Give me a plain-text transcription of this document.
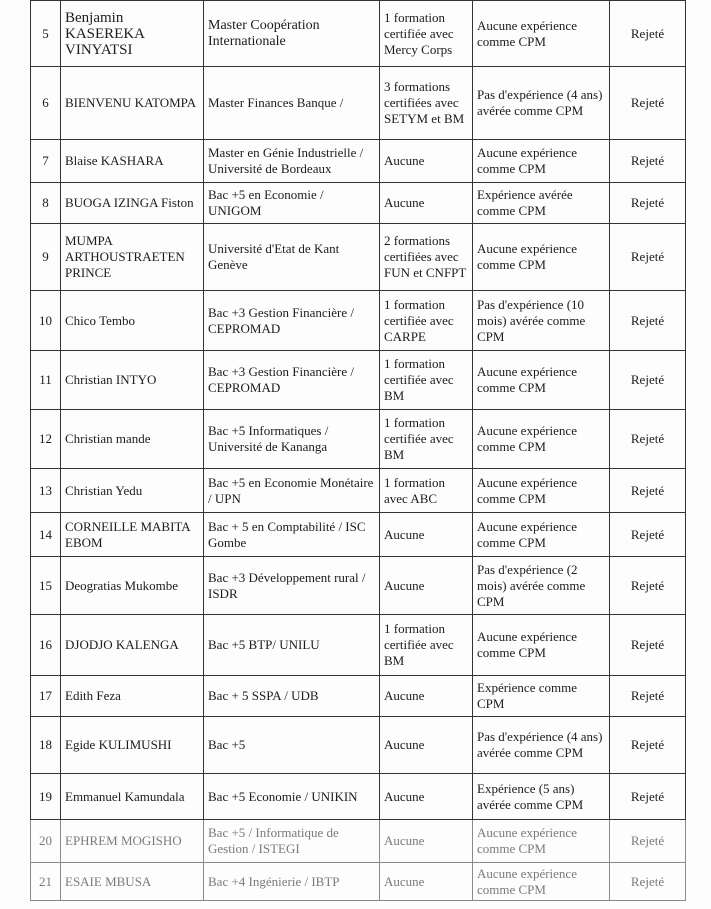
5	Benjamin KASEREKA VINYATSI	Master Coopération Internationale	1 formation certifiée avec Mercy Corps	Aucune expérience comme CPM	Rejeté
6	BIENVENU KATOMPA	Master Finances Banque /	3 formations certifiées avec SETYM et BM	Pas d'expérience (4 ans) avérée comme CPM	Rejeté
7	Blaise KASHARA	Master en Génie Industrielle / Université de Bordeaux	Aucune	Aucune expérience comme CPM	Rejeté
8	BUOGA IZINGA Fiston	Bac +5 en Economie / UNIGOM	Aucune	Expérience avérée comme CPM	Rejeté
9	MUMPA ARTHOUSTRAETEN PRINCE	Université d'Etat de Kant Genève	2 formations certifiées avec FUN et CNFPT	Aucune expérience comme CPM	Rejeté
10	Chico Tembo	Bac +3 Gestion Financière / CEPROMAD	1 formation certifiée avec CARPE	Pas d'expérience (10 mois) avérée comme CPM	Rejeté
11	Christian INTYO	Bac +3 Gestion Financière / CEPROMAD	1 formation certifiée avec BM	Aucune expérience comme CPM	Rejeté
12	Christian mande	Bac +5 Informatiques / Université de Kananga	1 formation certifiée avec BM	Aucune expérience comme CPM	Rejeté
13	Christian Yedu	Bac +5 en Economie Monétaire / UPN	1 formation avec ABC	Aucune expérience comme CPM	Rejeté
14	CORNEILLE MABITA EBOM	Bac + 5 en Comptabilité / ISC Gombe	Aucune	Aucune expérience comme CPM	Rejeté
15	Deogratias Mukombe	Bac +3 Développement rural / ISDR	Aucune	Pas d'expérience (2 mois) avérée comme CPM	Rejeté
16	DJODJO KALENGA	Bac +5 BTP/ UNILU	1 formation certifiée avec BM	Aucune expérience comme CPM	Rejeté
17	Edith Feza	Bac + 5 SSPA / UDB	Aucune	Expérience comme CPM	Rejeté
18	Egide KULIMUSHI	Bac +5	Aucune	Pas d'expérience (4 ans) avérée comme CPM	Rejeté
19	Emmanuel Kamundala	Bac +5 Economie / UNIKIN	Aucune	Expérience (5 ans) avérée comme CPM	Rejeté
20	EPHREM MOGISHO	Bac +5 / Informatique de Gestion / ISTEGI	Aucune	Aucune expérience comme CPM	Rejeté
21	ESAIE MBUSA	Bac +4 Ingénierie / IBTP	Aucune	Aucune expérience comme CPM	Rejeté
